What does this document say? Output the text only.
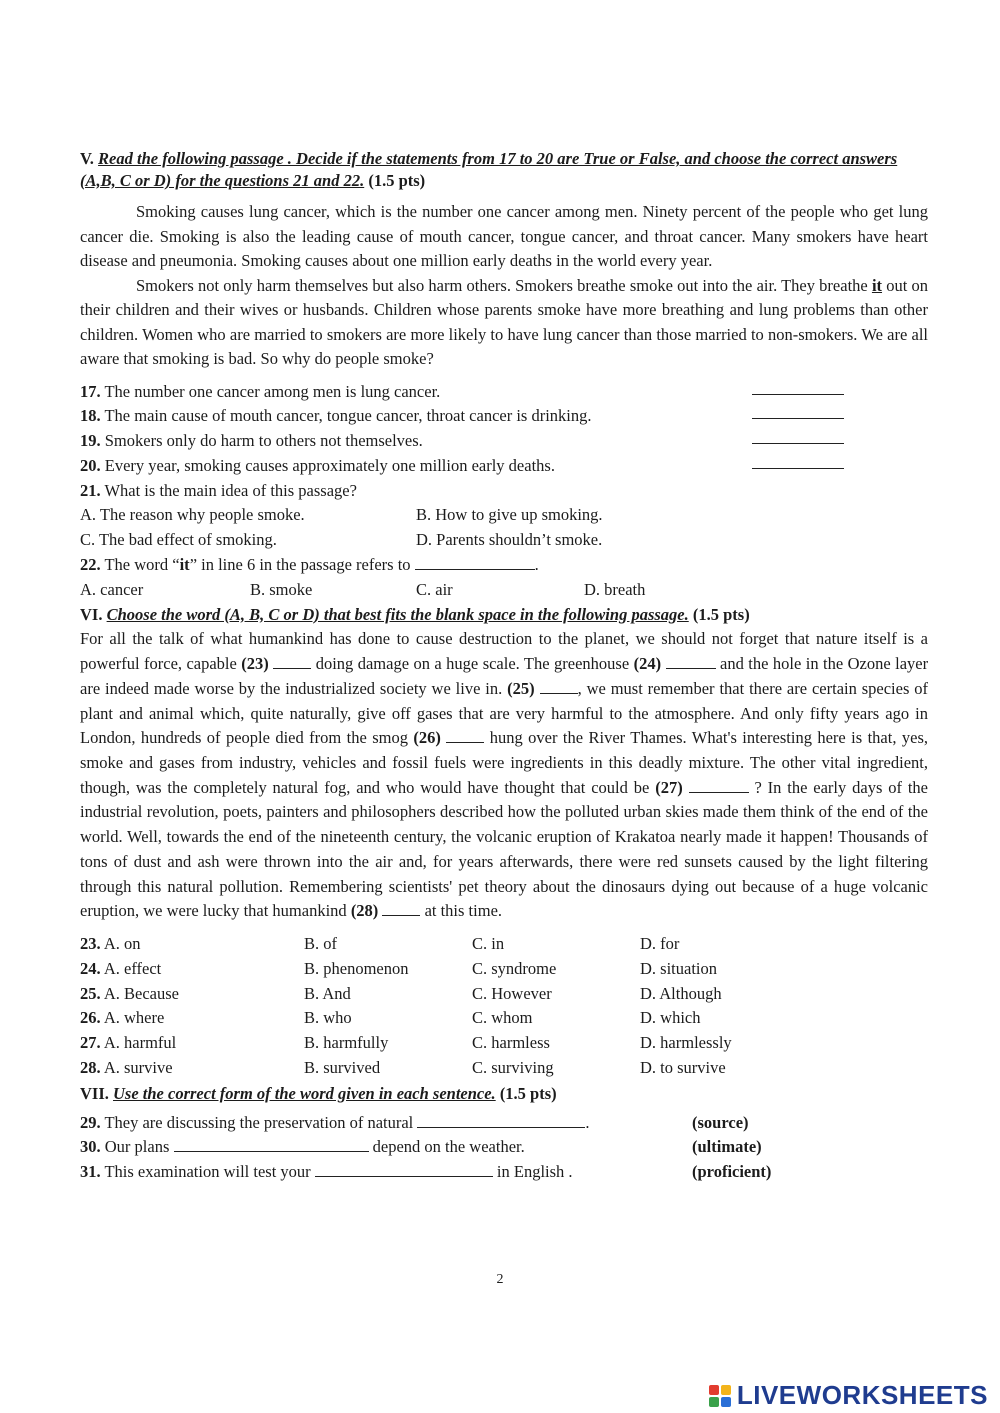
V. Read the following passage . Decide if the statements from 17 to 20 are True or False, and choose the correct answers (A,B, C or D) for the questions 21 and 22. (1.5 pts)

Smoking causes lung cancer, which is the number one cancer among men. Ninety percent of the people who get lung cancer die. Smoking is also the leading cause of mouth cancer, tongue cancer, and throat cancer. Many smokers have heart disease and pneumonia. Smoking causes about one million early deaths in the world every year.

Smokers not only harm themselves but also harm others. Smokers breathe smoke out into the air. They breathe it out on their children and their wives or husbands. Children whose parents smoke have more breathing and lung problems than other children. Women who are married to smokers are more likely to have lung cancer than those married to non-smokers. We are all aware that smoking is bad. So why do people smoke?

17. The number one cancer among men is lung cancer.
18. The main cause of mouth cancer, tongue cancer, throat cancer is drinking.
19. Smokers only do harm to others not themselves.
20. Every year, smoking causes approximately one million early deaths.
21. What is the main idea of this passage?
A. The reason why people smoke.	B. How to give up smoking.
C. The bad effect of smoking.	D. Parents shouldn’t smoke.
22. The word “it” in line 6 in the passage refers to	.
A. cancer	B. smoke	C. air	D. breath

VI. Choose the word (A, B, C or D) that best fits the blank space in the following passage. (1.5 pts)

For all the talk of what humankind has done to cause destruction to the planet, we should not forget that nature itself is a powerful force, capable (23)	doing damage on a huge scale. The greenhouse (24)	and the hole in the Ozone layer are indeed made worse by the industrialized society we live in. (25)	, we must remember that there are certain species of plant and animal which, quite naturally, give off gases that are very harmful to the atmosphere. And only fifty years ago in London, hundreds of people died from the smog (26)	hung over the River Thames. What's interesting here is that, yes, smoke and gases from industry, vehicles and fossil fuels were ingredients in this deadly mixture. The other vital ingredient, though, was the completely natural fog, and who would have thought that could be (27)	? In the early days of the industrial revolution, poets, painters and philosophers described how the polluted urban skies made them think of the end of the world. Well, towards the end of the nineteenth century, the volcanic eruption of Krakatoa nearly made it happen! Thousands of tons of dust and ash were thrown into the air and, for years afterwards, there were red sunsets caused by the light filtering through this natural pollution. Remembering scientists' pet theory about the dinosaurs dying out because of a huge volcanic eruption, we were lucky that humankind (28)	at this time.

23. A. on	B. of	C. in	D. for
24. A. effect	B. phenomenon	C. syndrome	D. situation
25. A. Because	B. And	C. However	D. Although
26. A. where	B. who	C. whom	D. which
27. A. harmful	B. harmfully	C. harmless	D. harmlessly
28. A. survive	B. survived	C. surviving	D. to survive

VII. Use the correct form of the word given in each sentence. (1.5 pts)

29. They are discussing the preservation of natural	.	(source)
30. Our plans	depend on the weather.	(ultimate)
31. This examination will test your	in English .	(proficient)
2
LIVEWORKSHEETS
